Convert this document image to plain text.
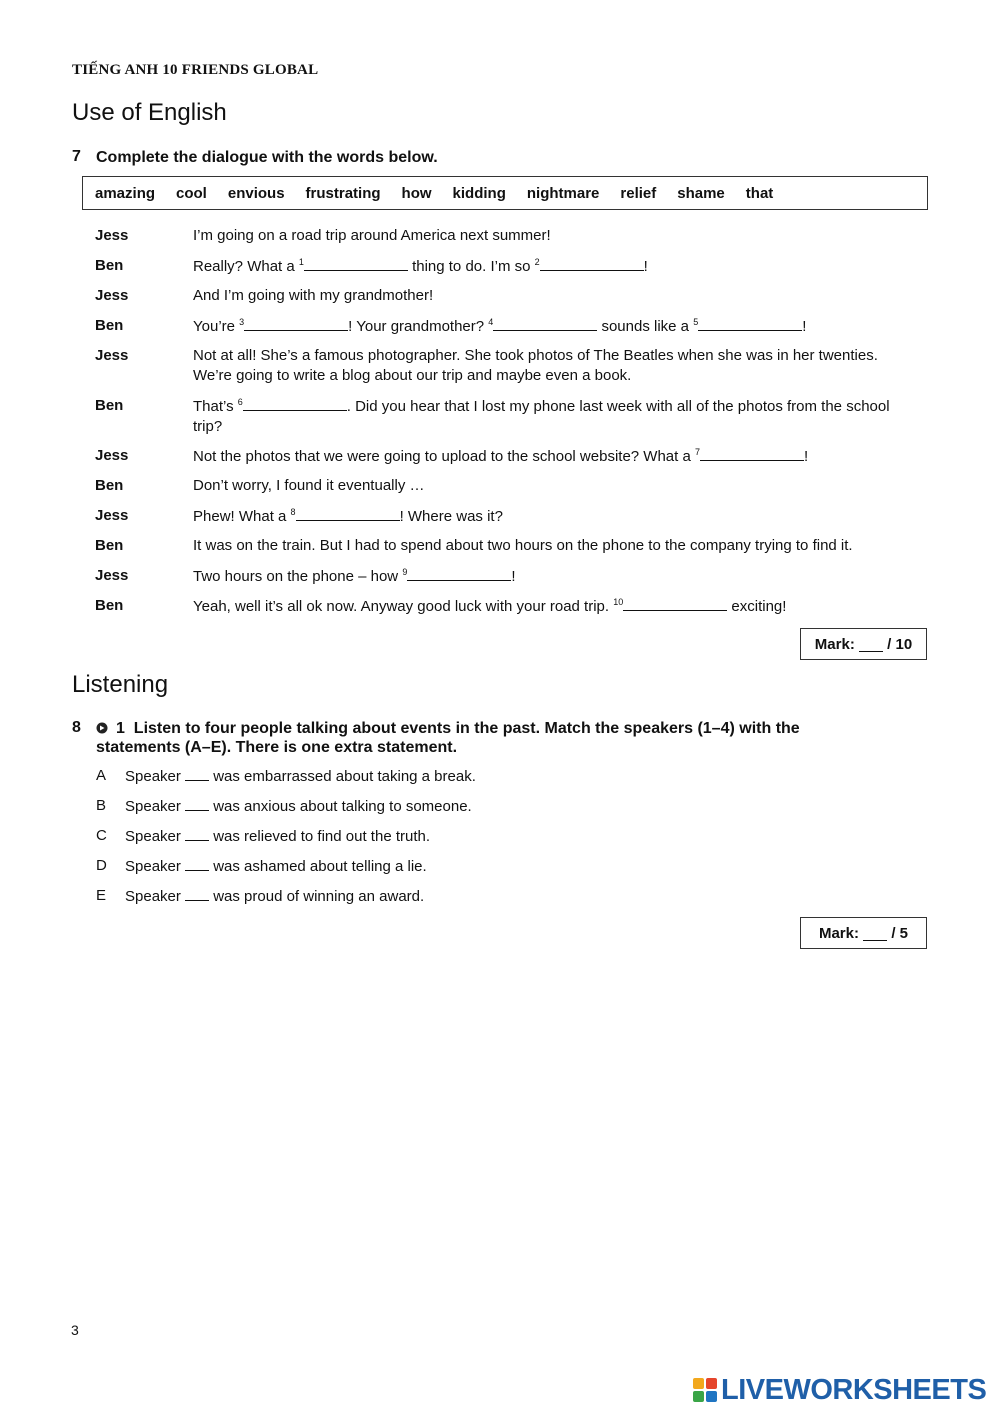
TIẾNG ANH 10 FRIENDS GLOBAL
Use of English
7 Complete the dialogue with the words below.
amazing cool envious frustrating how kidding nightmare relief shame that
Jess	I’m going on a road trip around America next summer!
Ben	Really? What a $^1$	thing to do. I’m so $^2$	!
Jess	And I’m going with my grandmother!
Ben	You’re $^3$	! Your grandmother? $^4$	sounds like a $^5$	!
Jess	Not at all! She’s a famous photographer. She took photos of The Beatles when she was in her twenties. We’re going to write a blog about our trip and maybe even a book.
Ben	That’s $^6$	. Did you hear that I lost my phone last week with all of the photos from the school trip?
Jess	Not the photos that we were going to upload to the school website? What a $^7$	!
Ben	Don’t worry, I found it eventually …
Jess	Phew! What a $^8$	! Where was it?
Ben	It was on the train. But I had to spend about two hours on the phone to the company trying to find it.
Jess	Two hours on the phone – how $^9$	!
Ben	Yeah, well it’s all ok now. Anyway good luck with your road trip. $^{10}$	exciting!
Mark:

/ 10
Listening
8	1 Listen to four people talking about events in the past. Match the speakers (1–4) with the statements (A–E). There is one extra statement.
A Speaker was embarrassed about taking a break.
B Speaker was anxious about talking to someone.
C Speaker was relieved to find out the truth.
D Speaker was ashamed about telling a lie.
E Speaker was proud of winning an award.
Mark:

/ 5
3
LIVEWORKSHEETS
